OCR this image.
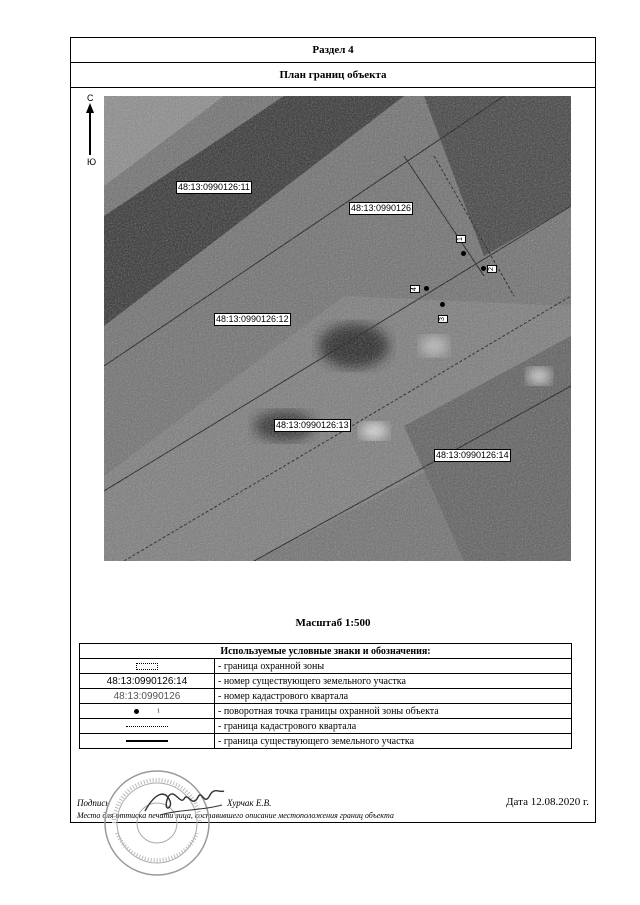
Раздел 4
План границ объекта
С
Ю
48:13:0990126:11
48:13:0990126
48:13:0990126:12
48:13:0990126:13
48:13:0990126:14
1
2
3
4
Масштаб 1:500
Используемые условные знаки и обозначения:	
	- граница охранной зоны
48:13:0990126:14	- номер существующего земельного участка
48:13:0990126	- номер кадастрового квартала
1	- поворотная точка границы охранной зоны объекта
	- граница кадастрового квартала
	- граница существующего земельного участка
Подпись	Хурчак Е.В.	Дата 12.08.2020 г.
Место для оттиска печати лица, составившего описание местоположения границ объекта
